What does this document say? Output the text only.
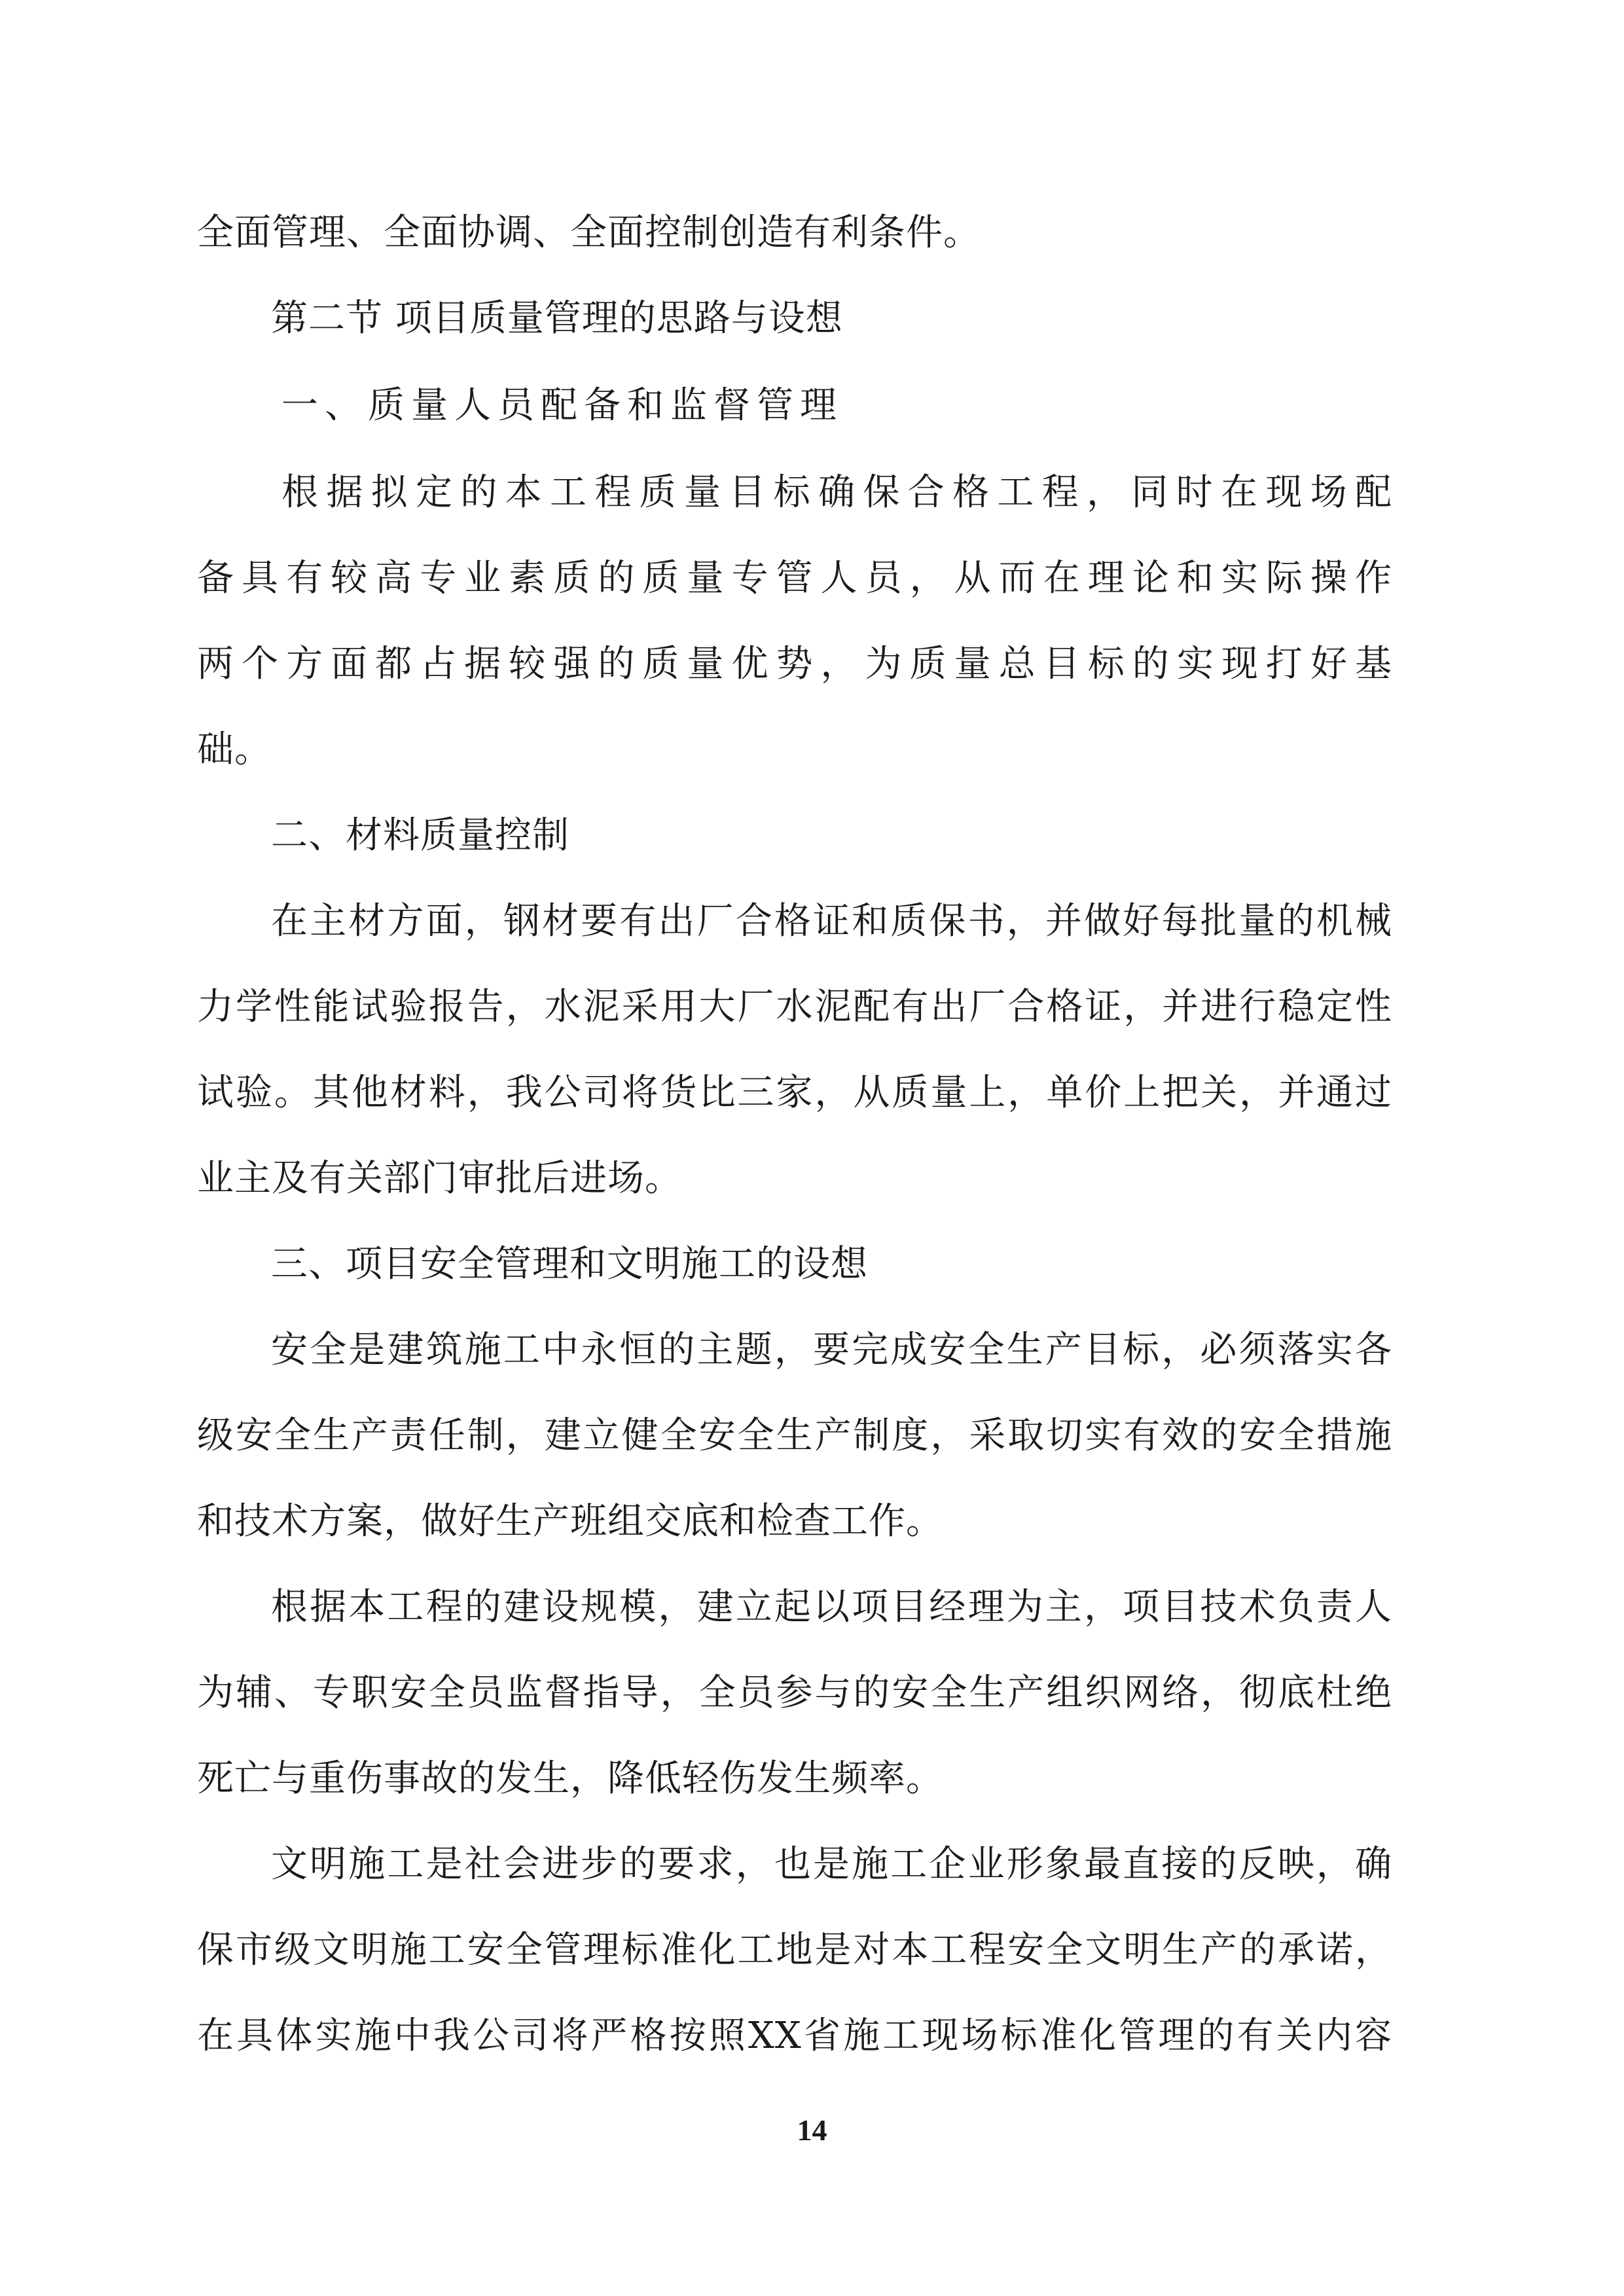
全面管理、全面协调、全面控制创造有利条件。
第二节 项目质量管理的思路与设想
一、质量人员配备和监督管理
根据拟定的本工程质量目标确保合格工程，同时在现场配
备具有较高专业素质的质量专管人员，从而在理论和实际操作
两个方面都占据较强的质量优势，为质量总目标的实现打好基
础。
二、材料质量控制
在主材方面，钢材要有出厂合格证和质保书，并做好每批量的机械
力学性能试验报告，水泥采用大厂水泥配有出厂合格证，并进行稳定性
试验。其他材料，我公司将货比三家，从质量上，单价上把关，并通过
业主及有关部门审批后进场。
三、项目安全管理和文明施工的设想
安全是建筑施工中永恒的主题，要完成安全生产目标，必须落实各
级安全生产责任制，建立健全安全生产制度，采取切实有效的安全措施
和技术方案，做好生产班组交底和检查工作。
根据本工程的建设规模，建立起以项目经理为主，项目技术负责人
为辅、专职安全员监督指导，全员参与的安全生产组织网络，彻底杜绝
死亡与重伤事故的发生，降低轻伤发生频率。
文明施工是社会进步的要求，也是施工企业形象最直接的反映，确
保市级文明施工安全管理标准化工地是对本工程安全文明生产的承诺，
在具体实施中我公司将严格按照XX省施工现场标准化管理的有关内容
14
